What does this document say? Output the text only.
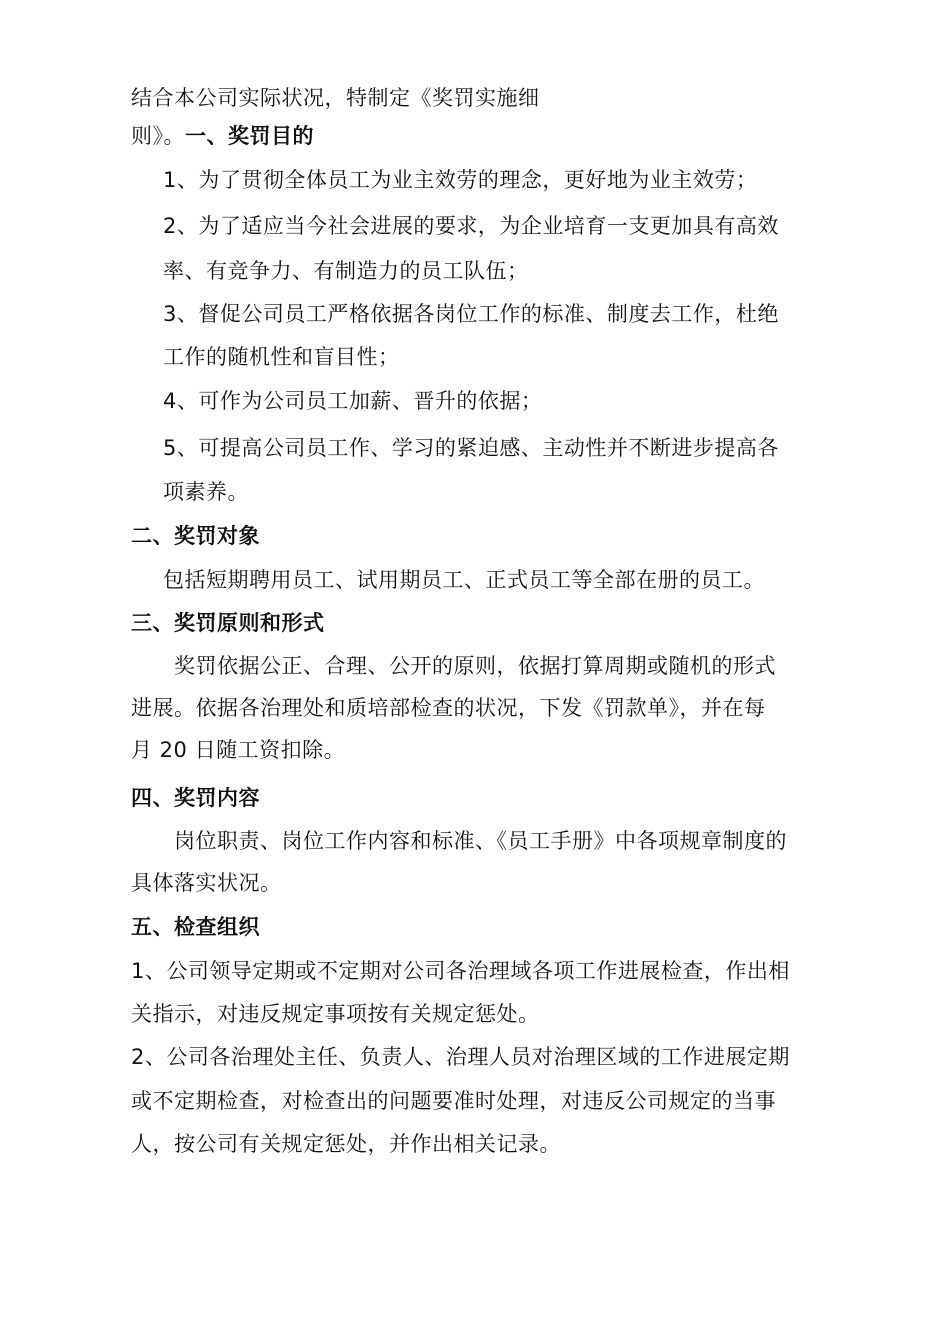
结合本公司实际状况，特制定《奖罚实施细
则》。一、奖罚目的
1、为了贯彻全体员工为业主效劳的理念，更好地为业主效劳；
2、为了适应当今社会进展的要求，为企业培育一支更加具有高效
率、有竞争力、有制造力的员工队伍；
3、督促公司员工严格依据各岗位工作的标准、制度去工作，杜绝
工作的随机性和盲目性；
4、可作为公司员工加薪、晋升的依据；
5、可提高公司员工作、学习的紧迫感、主动性并不断进步提高各
项素养。
二、奖罚对象
包括短期聘用员工、试用期员工、正式员工等全部在册的员工。
三、奖罚原则和形式
奖罚依据公正、合理、公开的原则，依据打算周期或随机的形式
进展。依据各治理处和质培部检查的状况，下发《罚款单》，并在每
月 20 日随工资扣除。
四、奖罚内容
岗位职责、岗位工作内容和标准、《员工手册》中各项规章制度的
具体落实状况。
五、检查组织
1、公司领导定期或不定期对公司各治理域各项工作进展检查，作出相
关指示，对违反规定事项按有关规定惩处。
2、公司各治理处主任、负责人、治理人员对治理区域的工作进展定期
或不定期检查，对检查出的问题要准时处理，对违反公司规定的当事
人，按公司有关规定惩处，并作出相关记录。
